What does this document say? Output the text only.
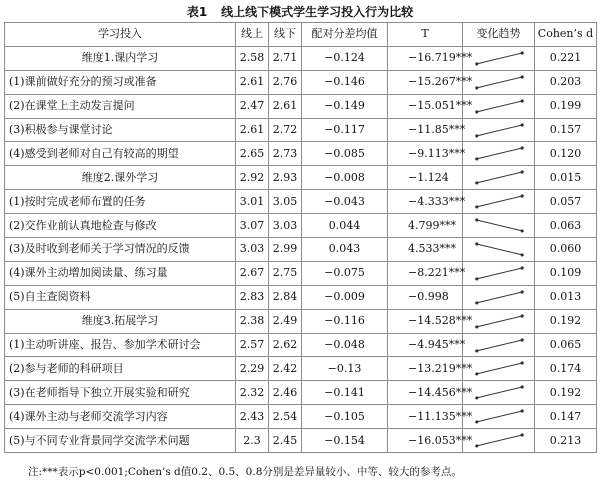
表1 线上线下模式学生学习投入行为比较
学习投入	线上	线下	配对分差均值	T	变化趋势	Cohen’s d
维度1.课内学习	2.58	2.71	−0.124	−16.719***		0.221
(1)课前做好充分的预习或准备	2.61	2.76	−0.146	−15.267***		0.203
(2)在课堂上主动发言提问	2.47	2.61	−0.149	−15.051***		0.199
(3)积极参与课堂讨论	2.61	2.72	−0.117	−11.85***		0.157
(4)感受到老师对自己有较高的期望	2.65	2.73	−0.085	−9.113***		0.120
维度2.课外学习	2.92	2.93	−0.008	−1.124		0.015
(1)按时完成老师布置的任务	3.01	3.05	−0.043	−4.333***		0.057
(2)交作业前认真地检查与修改	3.07	3.03	0.044	4.799***		0.063
(3)及时收到老师关于学习情况的反馈	3.03	2.99	0.043	4.533***		0.060
(4)课外主动增加阅读量、练习量	2.67	2.75	−0.075	−8.221***		0.109
(5)自主查阅资料	2.83	2.84	−0.009	−0.998		0.013
维度3.拓展学习	2.38	2.49	−0.116	−14.528***		0.192
(1)主动听讲座、报告、参加学术研讨会	2.57	2.62	−0.048	−4.945***		0.065
(2)参与老师的科研项目	2.29	2.42	−0.13	−13.219***		0.174
(3)在老师指导下独立开展实验和研究	2.32	2.46	−0.141	−14.456***		0.192
(4)课外主动与老师交流学习内容	2.43	2.54	−0.105	−11.135***		0.147
(5)与不同专业背景同学交流学术问题	2.3	2.45	−0.154	−16.053***		0.213
注:***表示p<0.001;Cohen’s d值0.2、0.5、0.8分别是差异量较小、中等、较大的参考点。
